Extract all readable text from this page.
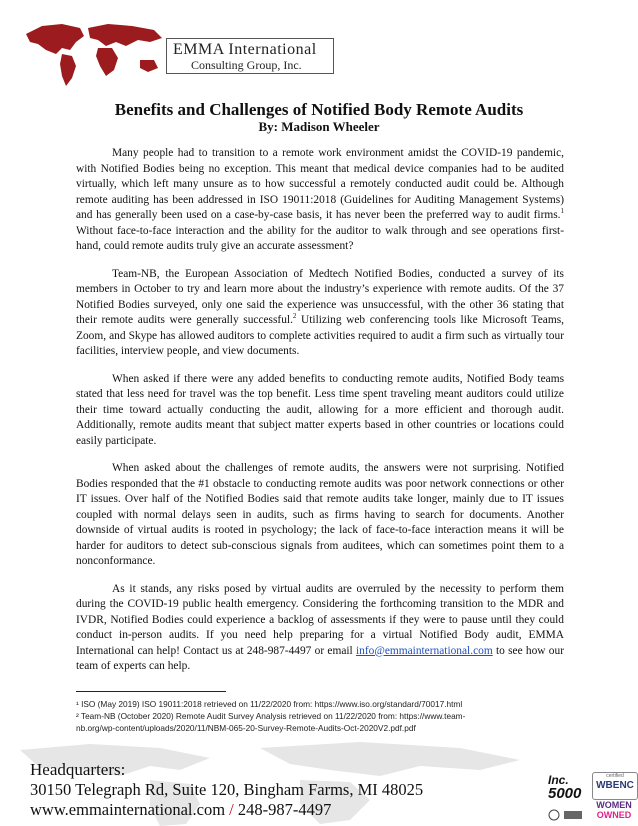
EMMA International
Consulting Group, Inc.
Benefits and Challenges of Notified Body Remote Audits
By: Madison Wheeler

Many people had to transition to a remote work environment amidst the COVID-19 pandemic, with Notified Bodies being no exception. This meant that medical device companies had to be audited virtually, which left many unsure as to how successful a remotely conducted audit could be. Although remote auditing has been addressed in ISO 19011:2018 (Guidelines for Auditing Management Systems) and has generally been used on a case-by-case basis, it has never been the preferred way to audit firms.$^1$ Without face-to-face interaction and the ability for the auditor to walk through and see operations first-hand, could remote audits truly give an accurate assessment?

Team-NB, the European Association of Medtech Notified Bodies, conducted a survey of its members in October to try and learn more about the industry’s experience with remote audits. Of the 37 Notified Bodies surveyed, only one said the experience was unsuccessful, with the other 36 stating that their remote audits were generally successful.$^2$ Utilizing web conferencing tools like Microsoft Teams, Zoom, and Skype has allowed auditors to complete activities required to audit a firm such as virtually tour facilities, interview people, and view documents.

When asked if there were any added benefits to conducting remote audits, Notified Body teams stated that less need for travel was the top benefit. Less time spent traveling meant auditors could utilize their time toward actually conducting the audit, allowing for a more efficient and thorough audit. Additionally, remote audits meant that subject matter experts based in other countries or locations could easily participate.

When asked about the challenges of remote audits, the answers were not surprising. Notified Bodies responded that the #1 obstacle to conducting remote audits was poor network connections or other IT issues. Over half of the Notified Bodies said that remote audits take longer, mainly due to IT issues coupled with normal delays seen in audits, such as firms having to search for documents. Another downside of virtual audits is rooted in psychology; the lack of face-to-face interaction means it will be harder for auditors to detect sub-conscious signals from auditees, which can sometimes point them to a nonconformance.

As it stands, any risks posed by virtual audits are overruled by the necessity to perform them during the COVID-19 public health emergency. Considering the forthcoming transition to the MDR and IVDR, Notified Bodies could experience a backlog of assessments if they were to pause until they could conduct in-person audits. If you need help preparing for a virtual Notified Body audit, EMMA International can help! Contact us at 248-987-4497 or email info@emmainternational.com to see how our team of experts can help.

¹ ISO (May 2019) ISO 19011:2018 retrieved on 11/22/2020 from: https://www.iso.org/standard/70017.html
² Team-NB (October 2020) Remote Audit Survey Analysis retrieved on 11/22/2020 from: https://www.team-
nb.org/wp-content/uploads/2020/11/NBM-065-20-Survey-Remote-Audits-Oct-2020V2.pdf.pdf
Headquarters:
30150 Telegraph Rd, Suite 120, Bingham Farms, MI 48025
www.emmainternational.com / 248-987-4497
Inc.
5000
certified
WBENC
WOMEN
OWNED
